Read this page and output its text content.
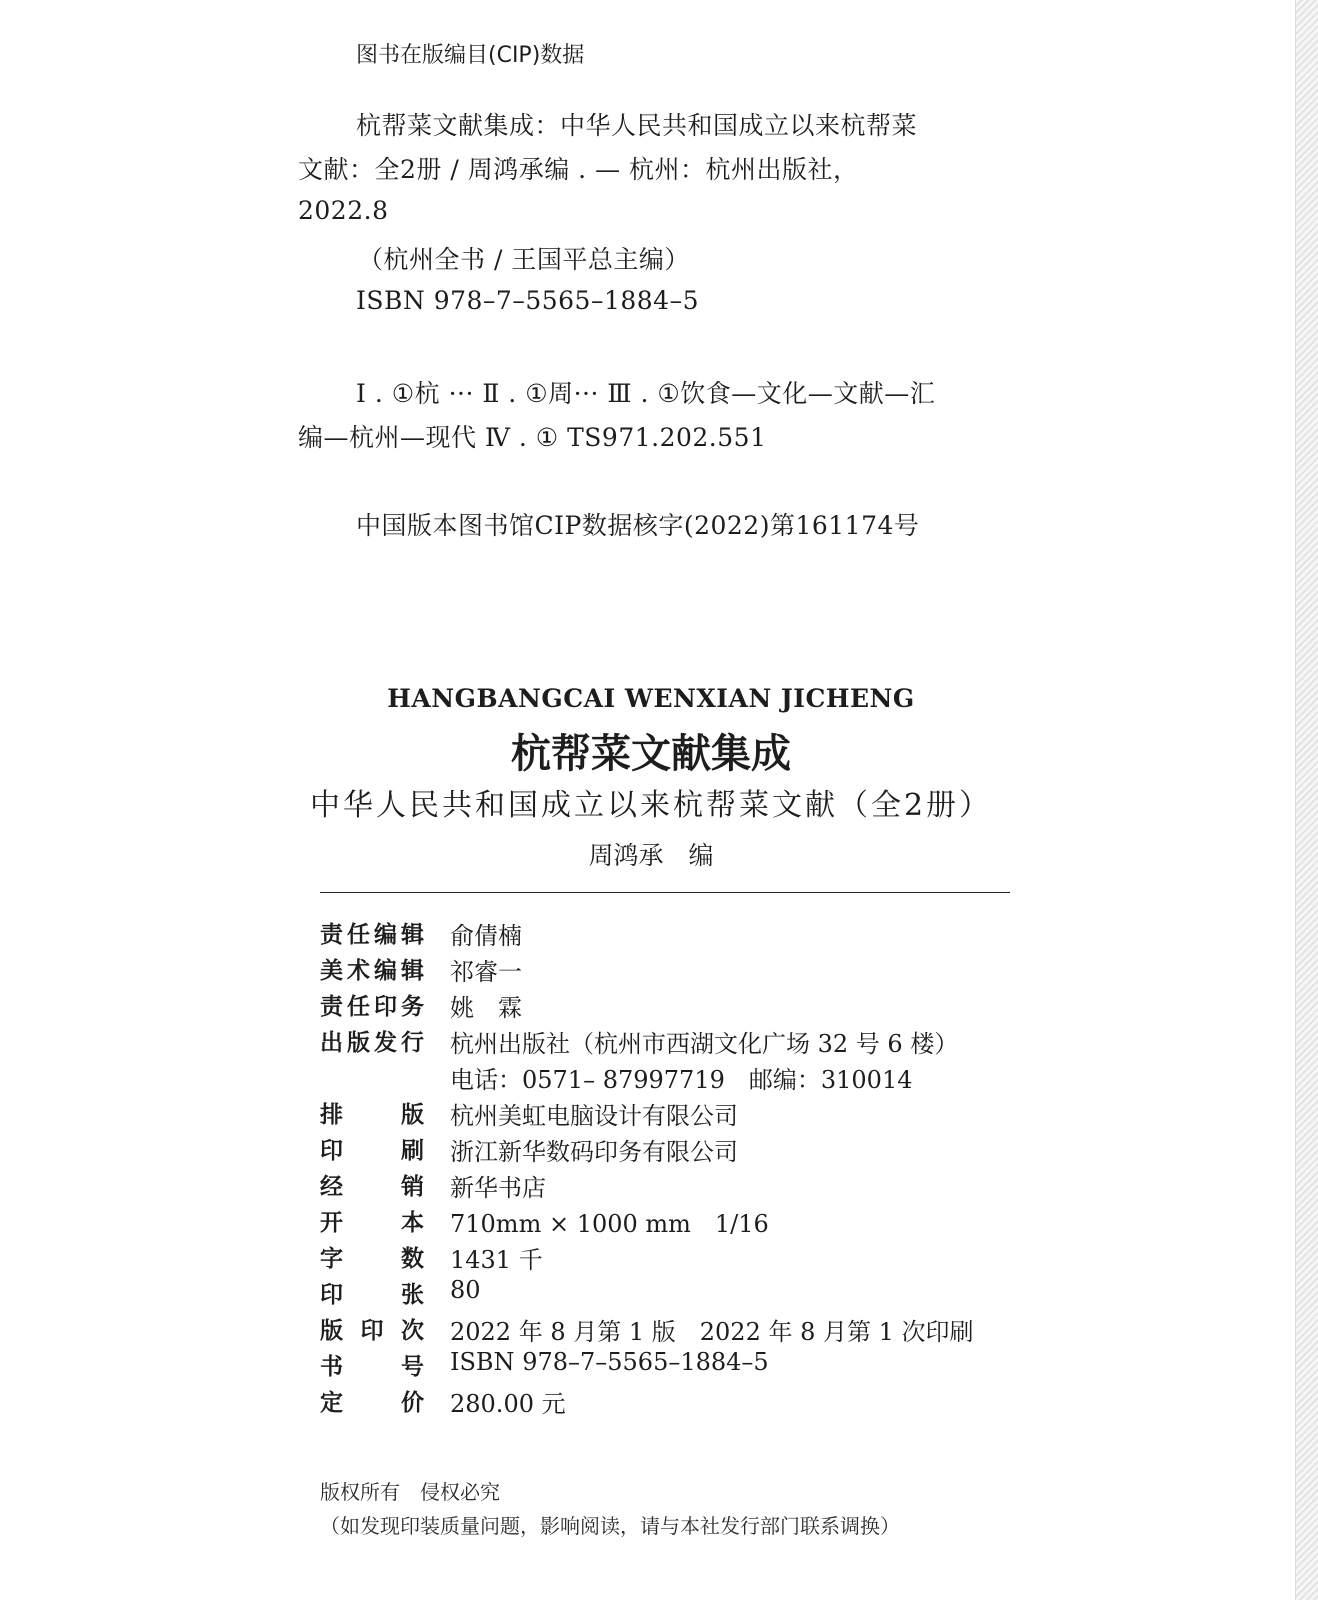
图书在版编目(CIP)数据
杭帮菜文献集成：中华人民共和国成立以来杭帮菜
文献：全2册 / 周鸿承编 . — 杭州：杭州出版社，
2022.8
（杭州全书 / 王国平总主编）
ISBN 978–7–5565–1884–5
Ⅰ . ①杭 ··· Ⅱ . ①周··· Ⅲ . ①饮食—文化—文献—汇
编—杭州—现代 Ⅳ . ① TS971.202.551
中国版本图书馆CIP数据核字(2022)第161174号
HANGBANGCAI WENXIAN JICHENG
杭帮菜文献集成
中华人民共和国成立以来杭帮菜文献（全2册）
周鸿承　编
责任编辑 俞倩楠
美术编辑 祁睿一
责任印务 姚　霖
出版发行 杭州出版社（杭州市西湖文化广场 32 号 6 楼）
电话：0571– 87997719　邮编：310014
排版 杭州美虹电脑设计有限公司
印刷 浙江新华数码印务有限公司
经销 新华书店
开本 710mm × 1000 mm　1/16
字数 1431 千
印张 80
版印次 2022 年 8 月第 1 版　2022 年 8 月第 1 次印刷
书号 ISBN 978–7–5565–1884–5
定价 280.00 元
版权所有　侵权必究
（如发现印装质量问题，影响阅读，请与本社发行部门联系调换）
